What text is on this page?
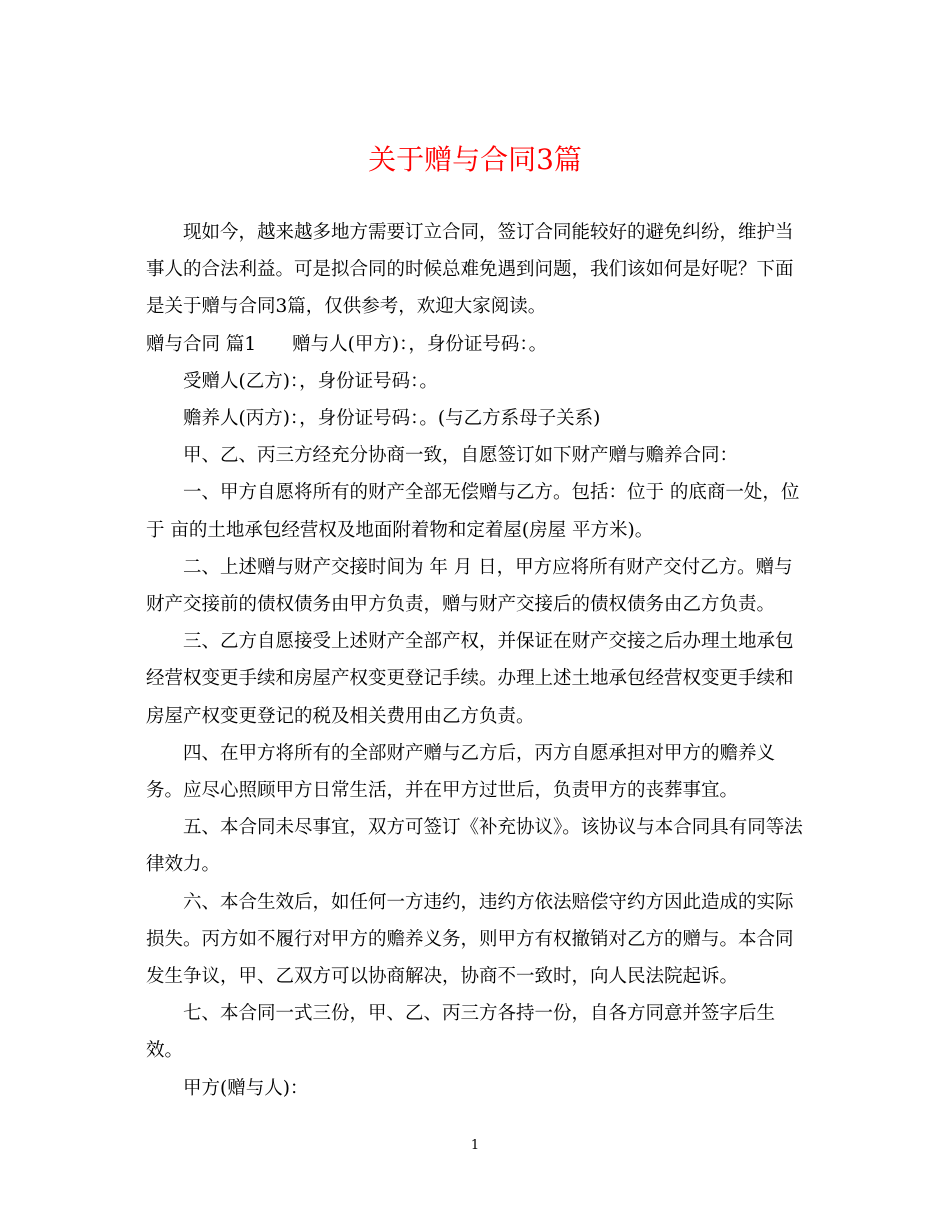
关于赠与合同3篇

现如今，越来越多地方需要订立合同，签订合同能较好的避免纠纷，维护当事人的合法利益。可是拟合同的时候总难免遇到问题，我们该如何是好呢？下面是关于赠与合同3篇，仅供参考，欢迎大家阅读。

赠与合同 篇1 赠与人(甲方)：，身份证号码：。

受赠人(乙方)：，身份证号码：。

赡养人(丙方)：，身份证号码：。(与乙方系母子关系)

甲、乙、丙三方经充分协商一致，自愿签订如下财产赠与赡养合同：

一、甲方自愿将所有的财产全部无偿赠与乙方。包括：位于 的底商一处，位于 亩的土地承包经营权及地面附着物和定着屋(房屋 平方米)。

二、上述赠与财产交接时间为 年 月 日，甲方应将所有财产交付乙方。赠与财产交接前的债权债务由甲方负责，赠与财产交接后的债权债务由乙方负责。

三、乙方自愿接受上述财产全部产权，并保证在财产交接之后办理土地承包经营权变更手续和房屋产权变更登记手续。办理上述土地承包经营权变更手续和房屋产权变更登记的税及相关费用由乙方负责。

四、在甲方将所有的全部财产赠与乙方后，丙方自愿承担对甲方的赡养义务。应尽心照顾甲方日常生活，并在甲方过世后，负责甲方的丧葬事宜。

五、本合同未尽事宜，双方可签订《补充协议》。该协议与本合同具有同等法律效力。

六、本合生效后，如任何一方违约，违约方依法赔偿守约方因此造成的实际损失。丙方如不履行对甲方的赡养义务，则甲方有权撤销对乙方的赠与。本合同发生争议，甲、乙双方可以协商解决，协商不一致时，向人民法院起诉。

七、本合同一式三份，甲、乙、丙三方各持一份，自各方同意并签字后生效。

甲方(赠与人)：

1
